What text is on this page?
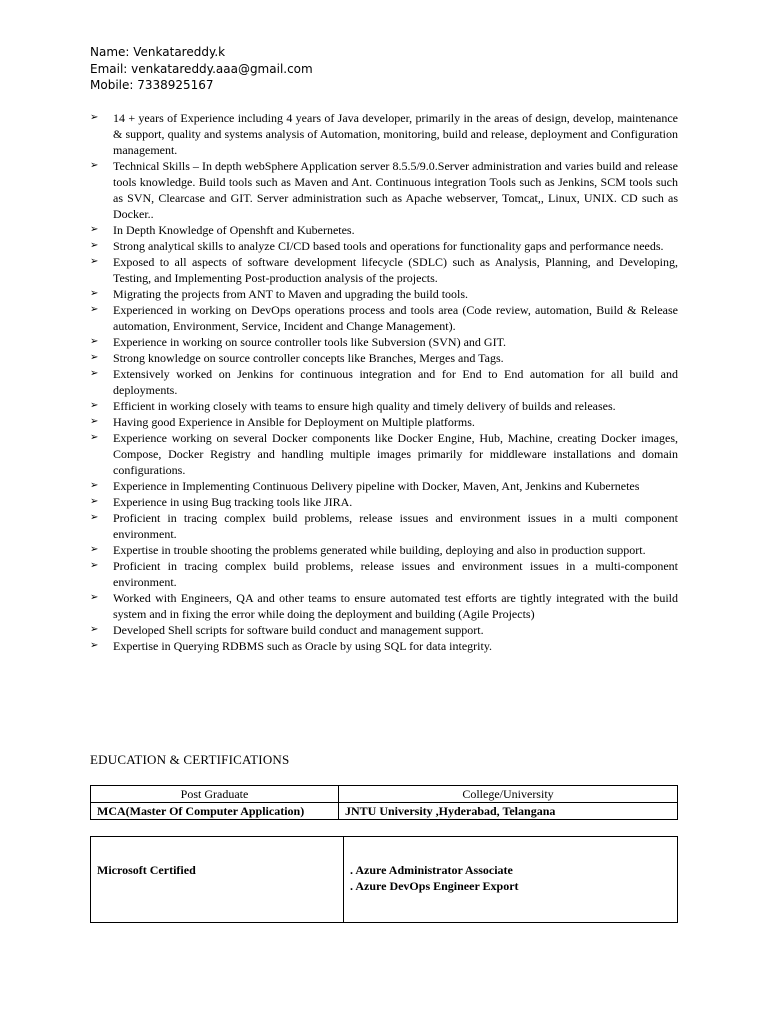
Name: Venkatareddy.k
Email: venkatareddy.aaa@gmail.com
Mobile: 7338925167
➢ 14 + years of Experience including 4 years of Java developer, primarily in the areas of design, develop, maintenance & support, quality and systems analysis of Automation, monitoring, build and release, deployment and Configuration management.
➢ Technical Skills – In depth webSphere Application server 8.5.5/9.0.Server administration and varies build and release tools knowledge. Build tools such as Maven and Ant. Continuous integration Tools such as Jenkins, SCM tools such as SVN, Clearcase and GIT. Server administration such as Apache webserver, Tomcat,, Linux, UNIX. CD such as Docker..
➢ In Depth Knowledge of Openshft and Kubernetes.
➢ Strong analytical skills to analyze CI/CD based tools and operations for functionality gaps and performance needs.
➢ Exposed to all aspects of software development lifecycle (SDLC) such as Analysis, Planning, and Developing, Testing, and Implementing Post-production analysis of the projects.
➢ Migrating the projects from ANT to Maven and upgrading the build tools.
➢ Experienced in working on DevOps operations process and tools area (Code review, automation, Build & Release automation, Environment, Service, Incident and Change Management).
➢ Experience in working on source controller tools like Subversion (SVN) and GIT.
➢ Strong knowledge on source controller concepts like Branches, Merges and Tags.
➢ Extensively worked on Jenkins for continuous integration and for End to End automation for all build and deployments.
➢ Efficient in working closely with teams to ensure high quality and timely delivery of builds and releases.
➢ Having good Experience in Ansible for Deployment on Multiple platforms.
➢ Experience working on several Docker components like Docker Engine, Hub, Machine, creating Docker images, Compose, Docker Registry and handling multiple images primarily for middleware installations and domain configurations.
➢ Experience in Implementing Continuous Delivery pipeline with Docker, Maven, Ant, Jenkins and Kubernetes
➢ Experience in using Bug tracking tools like JIRA.
➢ Proficient in tracing complex build problems, release issues and environment issues in a multi component environment.
➢ Expertise in trouble shooting the problems generated while building, deploying and also in production support.
➢ Proficient in tracing complex build problems, release issues and environment issues in a multi-component environment.
➢ Worked with Engineers, QA and other teams to ensure automated test efforts are tightly integrated with the build system and in fixing the error while doing the deployment and building (Agile Projects)
➢ Developed Shell scripts for software build conduct and management support.
➢ Expertise in Querying RDBMS such as Oracle by using SQL for data integrity.
EDUCATION & CERTIFICATIONS
Post Graduate	College/University
MCA(Master Of Computer Application)	JNTU University ,Hyderabad, Telangana
Microsoft Certified	. Azure Administrator Associate
. Azure DevOps Engineer Export
